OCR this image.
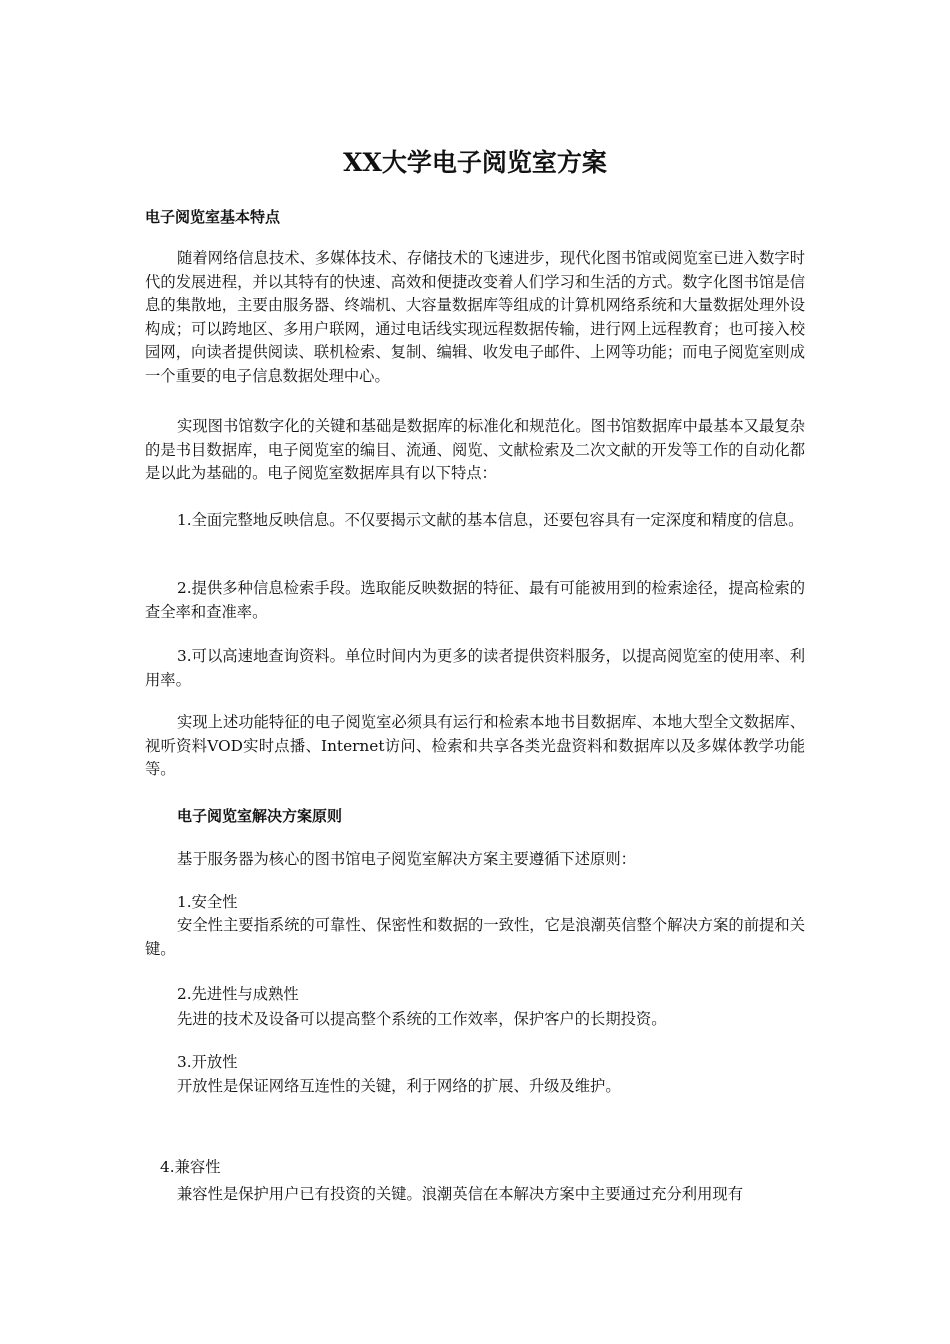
XX大学电子阅览室方案
电子阅览室基本特点

随着网络信息技术、多媒体技术、存储技术的飞速进步，现代化图书馆或阅览室已进入数字时代的发展进程，并以其特有的快速、高效和便捷改变着人们学习和生活的方式。数字化图书馆是信息的集散地，主要由服务器、终端机、大容量数据库等组成的计算机网络系统和大量数据处理外设构成；可以跨地区、多用户联网，通过电话线实现远程数据传输，进行网上远程教育；也可接入校园网，向读者提供阅读、联机检索、复制、编辑、收发电子邮件、上网等功能；而电子阅览室则成一个重要的电子信息数据处理中心。

实现图书馆数字化的关键和基础是数据库的标准化和规范化。图书馆数据库中最基本又最复杂的是书目数据库，电子阅览室的编目、流通、阅览、文献检索及二次文献的开发等工作的自动化都是以此为基础的。电子阅览室数据库具有以下特点：

1.全面完整地反映信息。不仅要揭示文献的基本信息，还要包容具有一定深度和精度的信息。

2.提供多种信息检索手段。选取能反映数据的特征、最有可能被用到的检索途径，提高检索的查全率和查准率。

3.可以高速地查询资料。单位时间内为更多的读者提供资料服务，以提高阅览室的使用率、利用率。

实现上述功能特征的电子阅览室必须具有运行和检索本地书目数据库、本地大型全文数据库、视听资料VOD实时点播、Internet访问、检索和共享各类光盘资料和数据库以及多媒体教学功能等。

电子阅览室解决方案原则

基于服务器为核心的图书馆电子阅览室解决方案主要遵循下述原则：

1.安全性

安全性主要指系统的可靠性、保密性和数据的一致性，它是浪潮英信整个解决方案的前提和关键。

2.先进性与成熟性

先进的技术及设备可以提高整个系统的工作效率，保护客户的长期投资。

3.开放性

开放性是保证网络互连性的关键，利于网络的扩展、升级及维护。

4.兼容性

兼容性是保护用户已有投资的关键。浪潮英信在本解决方案中主要通过充分利用现有
